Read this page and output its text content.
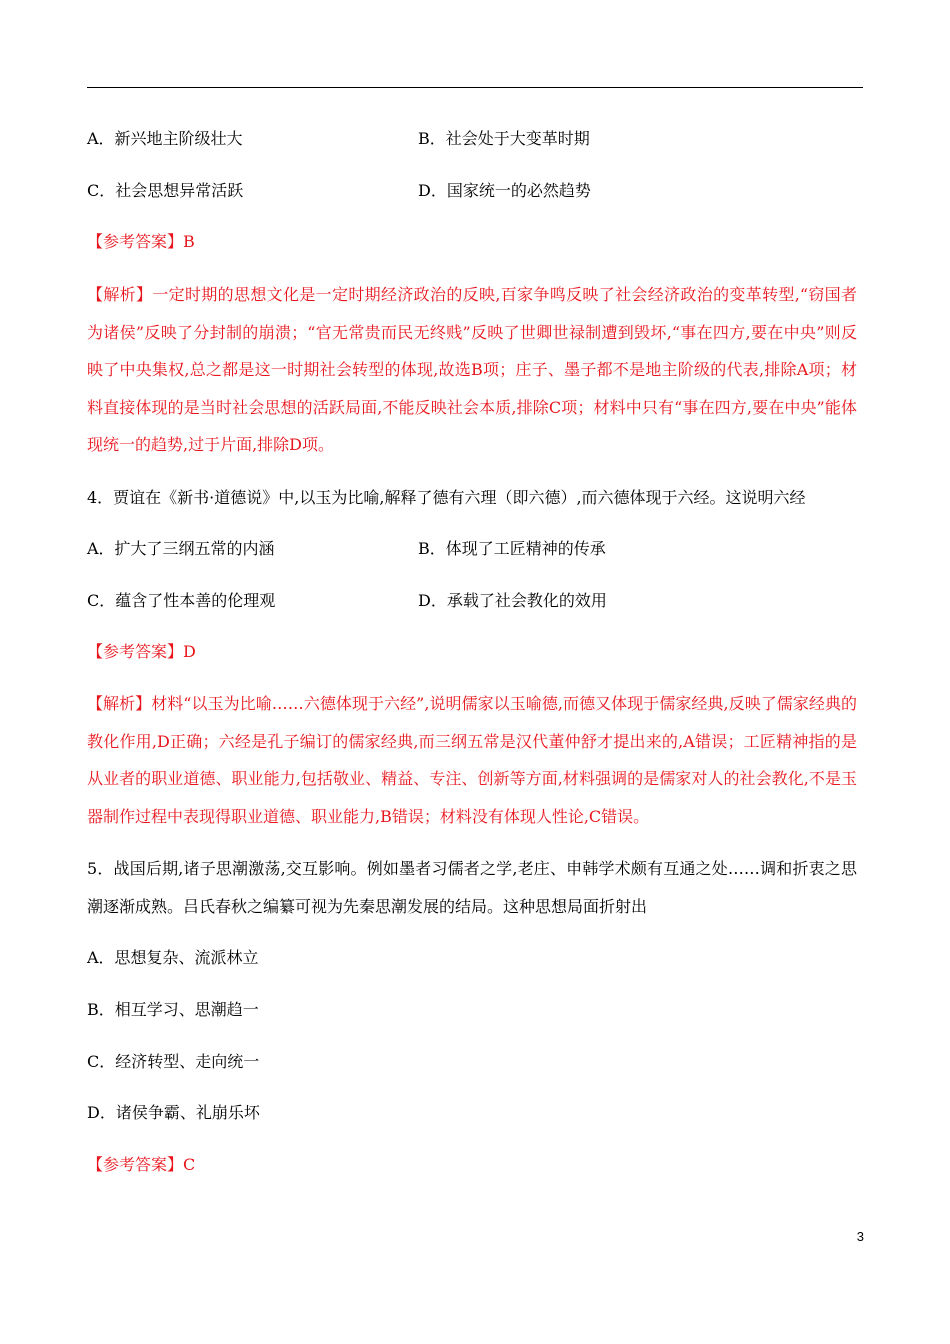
A．新兴地主阶级壮大	B．社会处于大变革时期
C．社会思想异常活跃	D．国家统一的必然趋势
【参考答案】B
【解析】一定时期的思想文化是一定时期经济政治的反映,百家争鸣反映了社会经济政治的变革转型,“窃国者为诸侯”反映了分封制的崩溃；“官无常贵而民无终贱”反映了世卿世禄制遭到毁坏,“事在四方,要在中央”则反映了中央集权,总之都是这一时期社会转型的体现,故选B项；庄子、墨子都不是地主阶级的代表,排除A项；材料直接体现的是当时社会思想的活跃局面,不能反映社会本质,排除C项；材料中只有“事在四方,要在中央”能体现统一的趋势,过于片面,排除D项。
4．贾谊在《新书·道德说》中,以玉为比喻,解释了德有六理（即六德）,而六德体现于六经。这说明六经
A．扩大了三纲五常的内涵	B．体现了工匠精神的传承
C．蕴含了性本善的伦理观	D．承载了社会教化的效用
【参考答案】D
【解析】材料“以玉为比喻……六德体现于六经”,说明儒家以玉喻德,而德又体现于儒家经典,反映了儒家经典的教化作用,D正确；六经是孔子编订的儒家经典,而三纲五常是汉代董仲舒才提出来的,A错误；工匠精神指的是从业者的职业道德、职业能力,包括敬业、精益、专注、创新等方面,材料强调的是儒家对人的社会教化,不是玉器制作过程中表现得职业道德、职业能力,B错误；材料没有体现人性论,C错误。
5．战国后期,诸子思潮激荡,交互影响。例如墨者习儒者之学,老庄、申韩学术颇有互通之处……调和折衷之思潮逐渐成熟。吕氏春秋之编纂可视为先秦思潮发展的结局。这种思想局面折射出
A．思想复杂、流派林立
B．相互学习、思潮趋一
C．经济转型、走向统一
D．诸侯争霸、礼崩乐坏
【参考答案】C
3
